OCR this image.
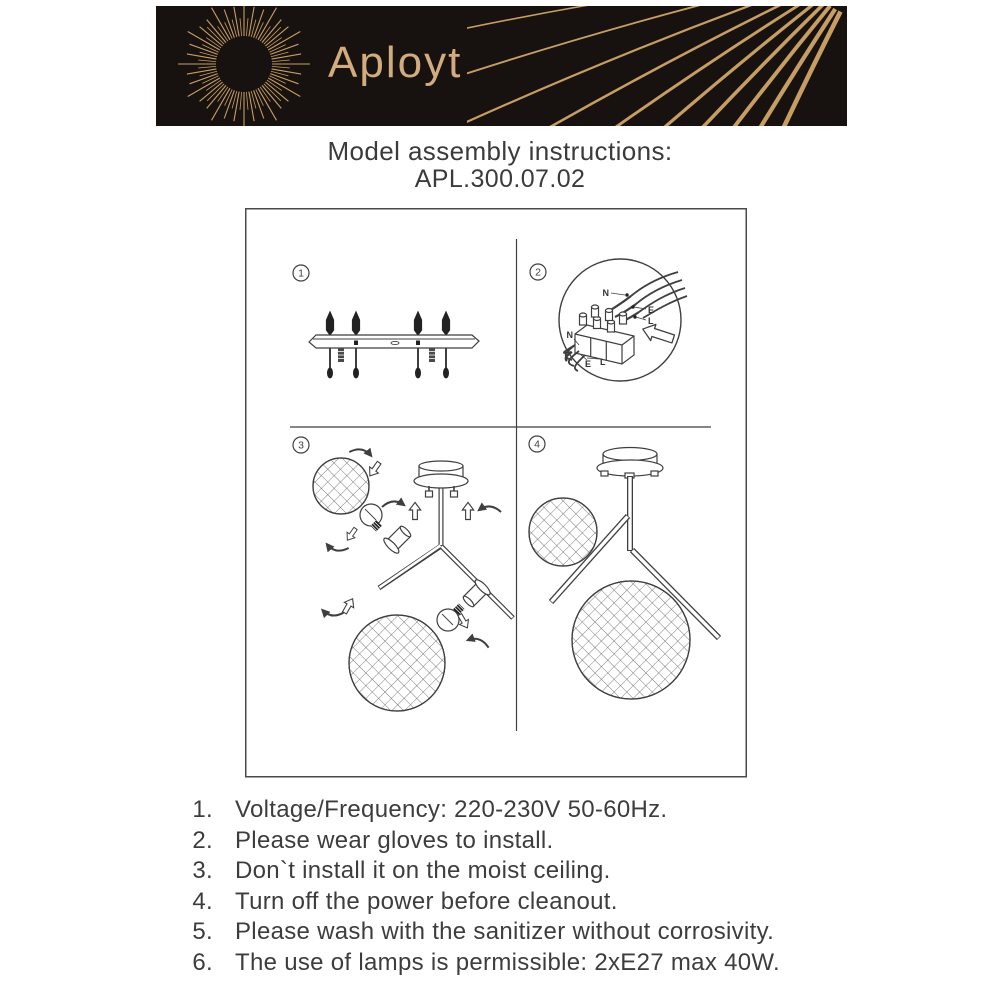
Aployt
Model assembly instructions:
APL.300.07.02
1	2
3	4
N
E
L
N
E L
1. Voltage/Frequency: 220-230V 50-60Hz.
2. Please wear gloves to install.
3. Don`t install it on the moist ceiling.
4. Turn off the power before cleanout.
5. Please wash with the sanitizer without corrosivity.
6. The use of lamps is permissible: 2xE27 max 40W.
